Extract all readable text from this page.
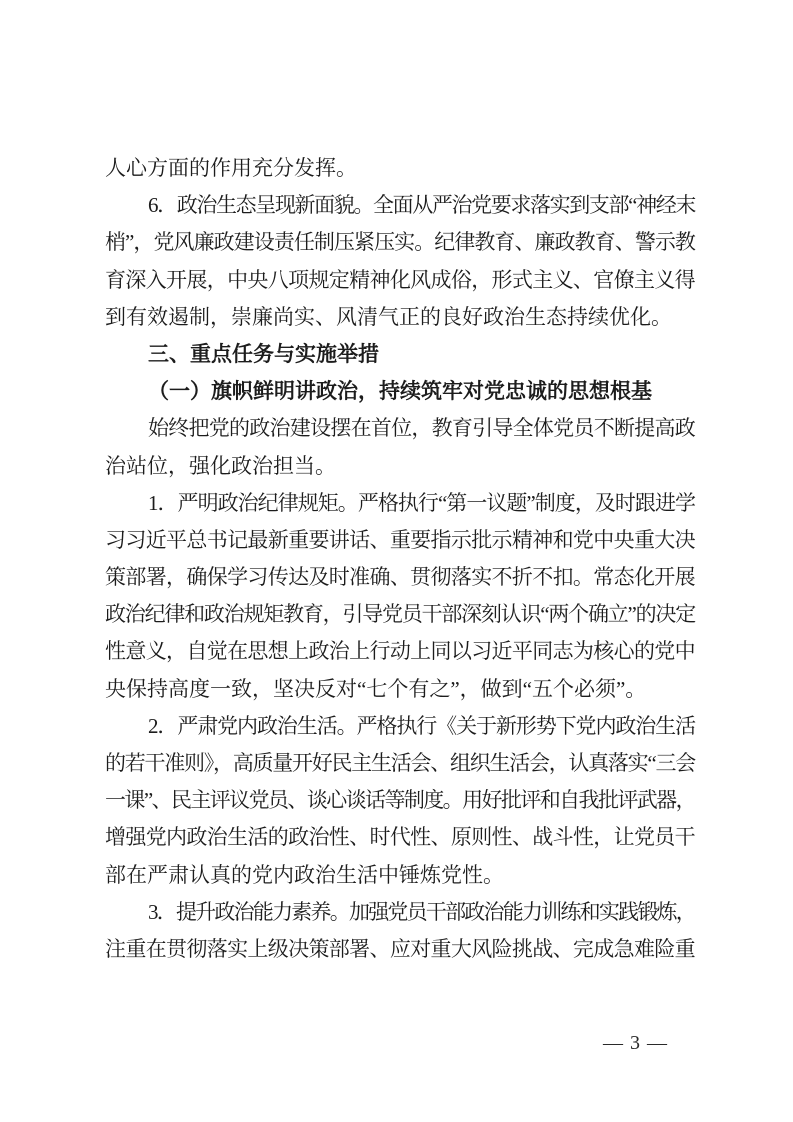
人心方面的作用充分发挥。
6．政治生态呈现新面貌。全面从严治党要求落实到支部“神经末
梢”，党风廉政建设责任制压紧压实。纪律教育、廉政教育、警示教
育深入开展，中央八项规定精神化风成俗，形式主义、官僚主义得
到有效遏制，崇廉尚实、风清气正的良好政治生态持续优化。
三、重点任务与实施举措
（一）旗帜鲜明讲政治，持续筑牢对党忠诚的思想根基
始终把党的政治建设摆在首位，教育引导全体党员不断提高政
治站位，强化政治担当。
1．严明政治纪律规矩。严格执行“第一议题”制度，及时跟进学
习习近平总书记最新重要讲话、重要指示批示精神和党中央重大决
策部署，确保学习传达及时准确、贯彻落实不折不扣。常态化开展
政治纪律和政治规矩教育，引导党员干部深刻认识“两个确立”的决定
性意义，自觉在思想上政治上行动上同以习近平同志为核心的党中
央保持高度一致，坚决反对“七个有之”，做到“五个必须”。
2．严肃党内政治生活。严格执行《关于新形势下党内政治生活
的若干准则》，高质量开好民主生活会、组织生活会，认真落实“三会
一课”、民主评议党员、谈心谈话等制度。用好批评和自我批评武器，
增强党内政治生活的政治性、时代性、原则性、战斗性，让党员干
部在严肃认真的党内政治生活中锤炼党性。
3．提升政治能力素养。加强党员干部政治能力训练和实践锻炼，
注重在贯彻落实上级决策部署、应对重大风险挑战、完成急难险重
— 3 —
